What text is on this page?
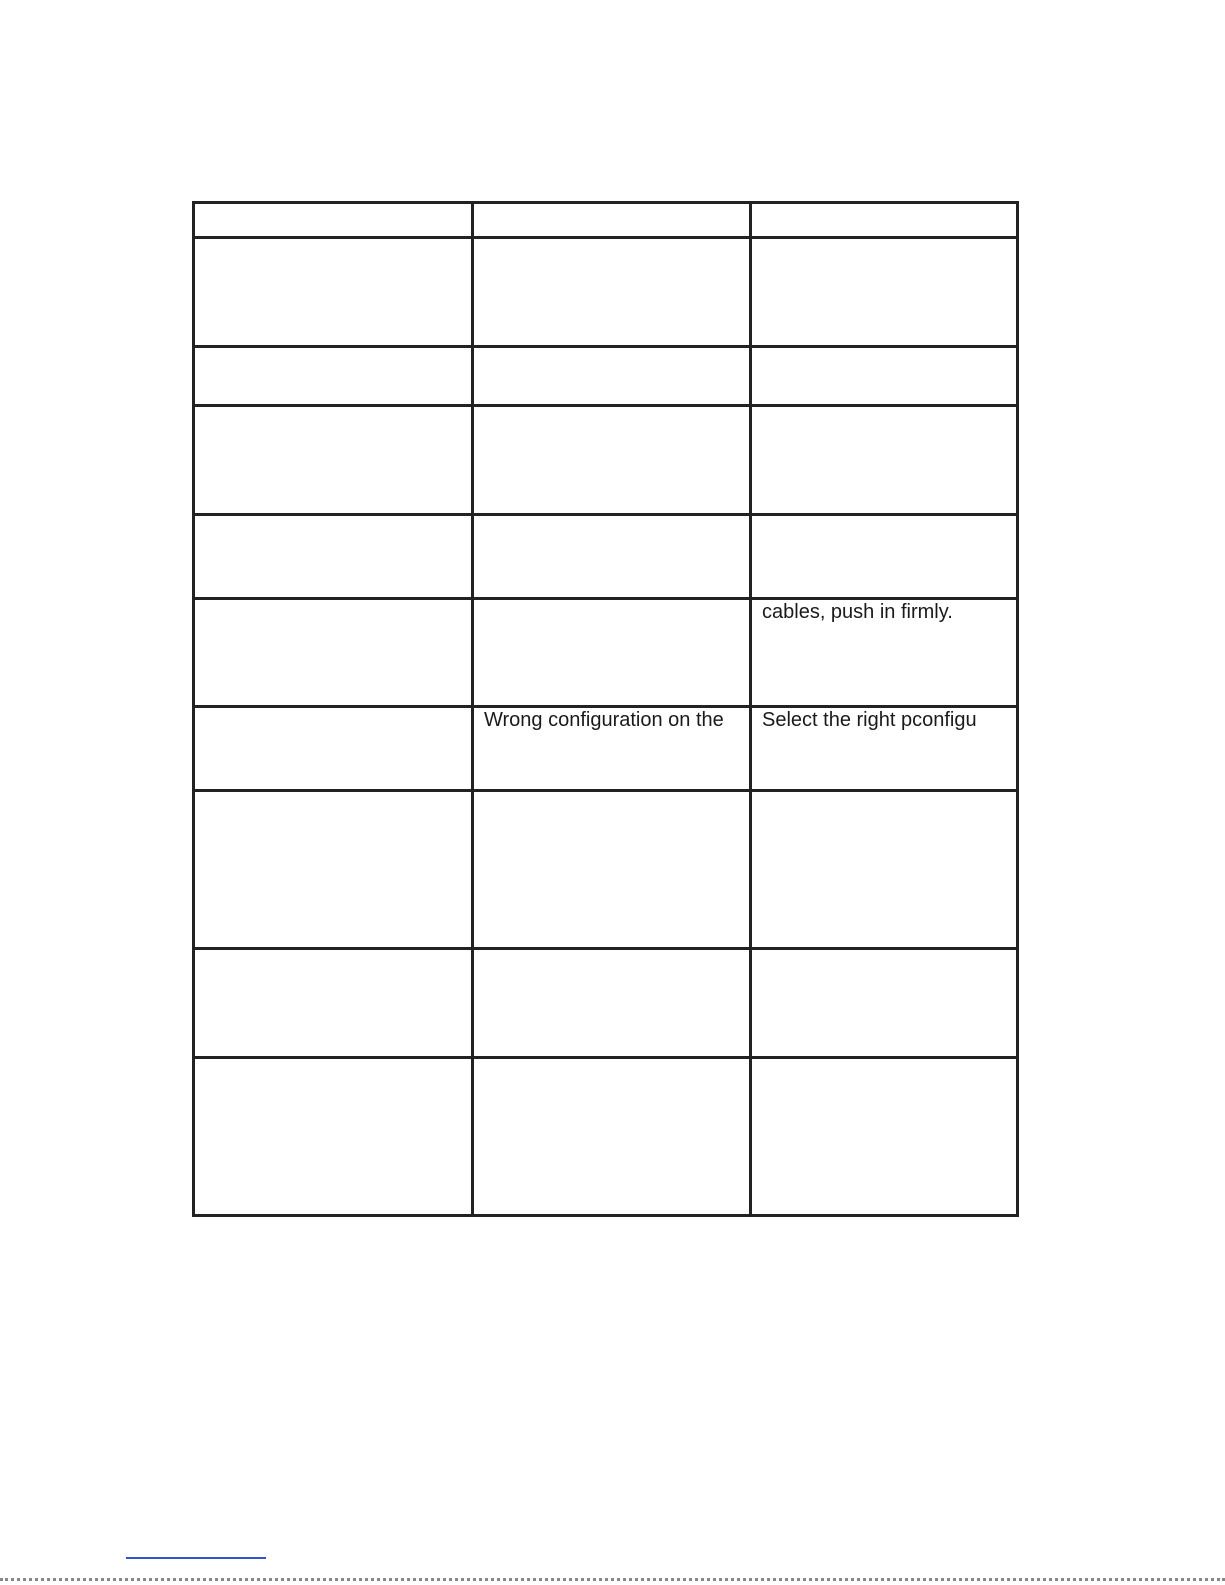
		cables, push in firmly.
	Wrong configuration on the	Select the right pconfigu
